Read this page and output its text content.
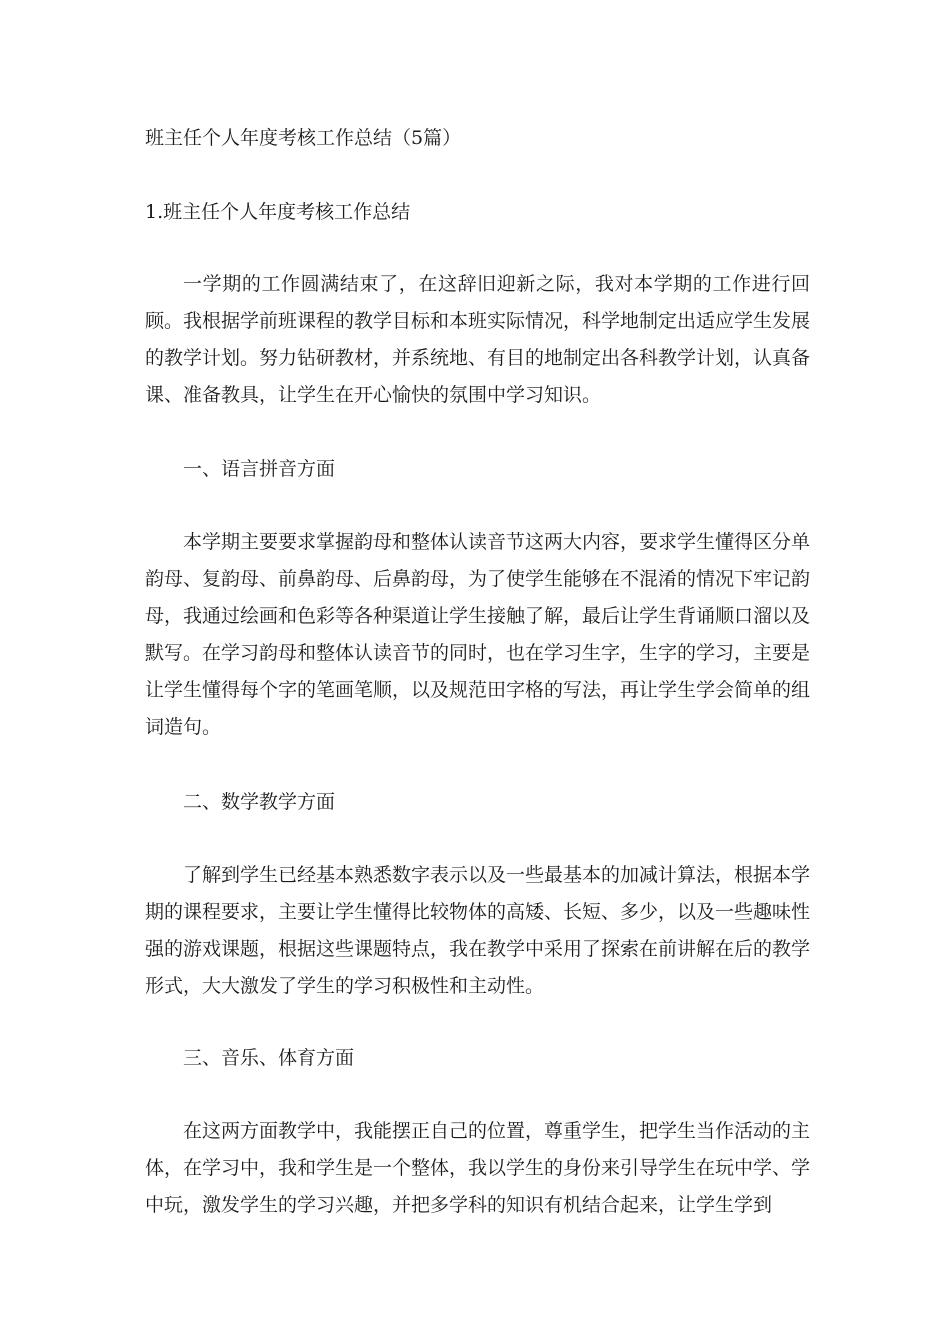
班主任个人年度考核工作总结（5篇）
1.班主任个人年度考核工作总结

一学期的工作圆满结束了，在这辞旧迎新之际，我对本学期的工作进行回顾。我根据学前班课程的教学目标和本班实际情况，科学地制定出适应学生发展的教学计划。努力钻研教材，并系统地、有目的地制定出各科教学计划，认真备课、准备教具，让学生在开心愉快的氛围中学习知识。

一、语言拼音方面

本学期主要要求掌握韵母和整体认读音节这两大内容，要求学生懂得区分单韵母、复韵母、前鼻韵母、后鼻韵母，为了使学生能够在不混淆的情况下牢记韵母，我通过绘画和色彩等各种渠道让学生接触了解，最后让学生背诵顺口溜以及默写。在学习韵母和整体认读音节的同时，也在学习生字，生字的学习，主要是让学生懂得每个字的笔画笔顺，以及规范田字格的写法，再让学生学会简单的组词造句。

二、数学教学方面

了解到学生已经基本熟悉数字表示以及一些最基本的加减计算法，根据本学期的课程要求，主要让学生懂得比较物体的高矮、长短、多少，以及一些趣味性强的游戏课题，根据这些课题特点，我在教学中采用了探索在前讲解在后的教学形式，大大激发了学生的学习积极性和主动性。

三、音乐、体育方面

在这两方面教学中，我能摆正自己的位置，尊重学生，把学生当作活动的主体，在学习中，我和学生是一个整体，我以学生的身份来引导学生在玩中学、学中玩，激发学生的学习兴趣，并把多学科的知识有机结合起来，让学生学到
